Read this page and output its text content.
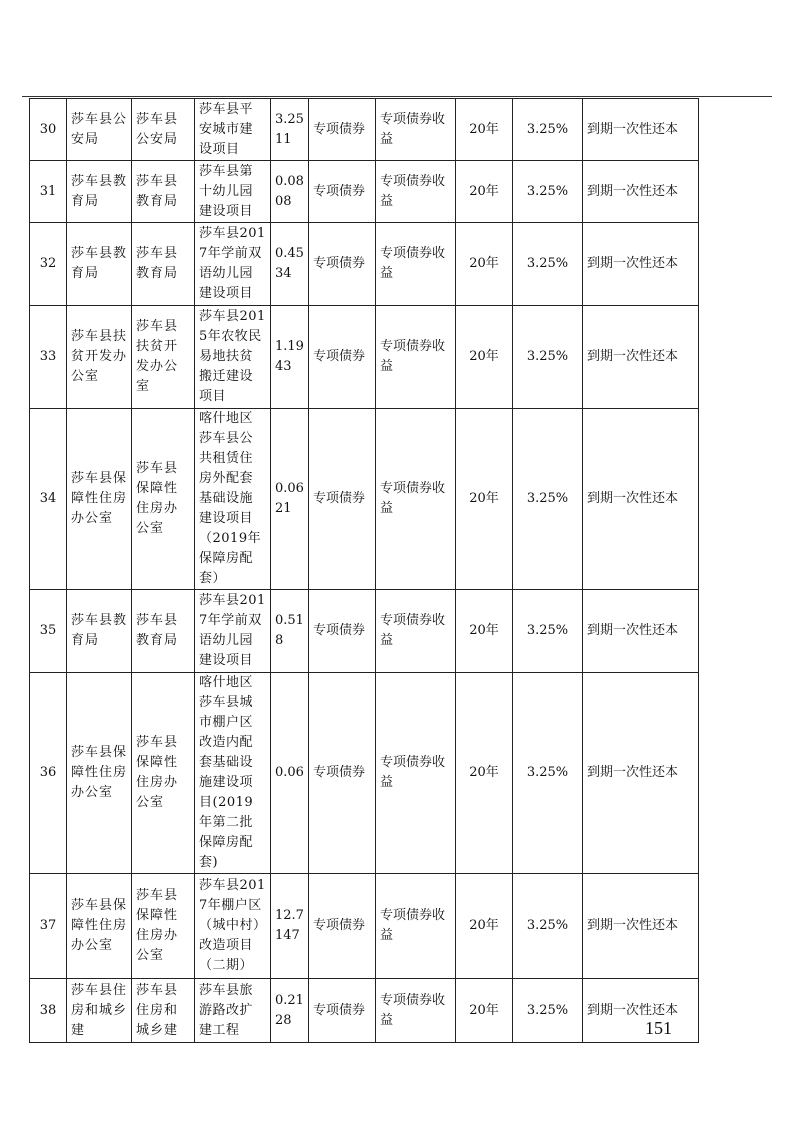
30	莎车县公安局	莎车县公安局	莎车县平安城市建设项目	3.2511	专项债券	专项债券收益	20年	3.25%	到期一次性还本
31	莎车县教育局	莎车县教育局	莎车县第十幼儿园建设项目	0.0808	专项债券	专项债券收益	20年	3.25%	到期一次性还本
32	莎车县教育局	莎车县教育局	莎车县2017年学前双语幼儿园建设项目	0.4534	专项债券	专项债券收益	20年	3.25%	到期一次性还本
33	莎车县扶贫开发办公室	莎车县扶贫开发办公室	莎车县2015年农牧民易地扶贫搬迁建设项目	1.1943	专项债券	专项债券收益	20年	3.25%	到期一次性还本
34	莎车县保障性住房办公室	莎车县保障性住房办公室	喀什地区莎车县公共租赁住房外配套基础设施建设项目（2019年保障房配套）	0.0621	专项债券	专项债券收益	20年	3.25%	到期一次性还本
35	莎车县教育局	莎车县教育局	莎车县2017年学前双语幼儿园建设项目	0.518	专项债券	专项债券收益	20年	3.25%	到期一次性还本
36	莎车县保障性住房办公室	莎车县保障性住房办公室	喀什地区莎车县城市棚户区改造内配套基础设施建设项目(2019年第二批保障房配套)	0.06	专项债券	专项债券收益	20年	3.25%	到期一次性还本
37	莎车县保障性住房办公室	莎车县保障性住房办公室	莎车县2017年棚户区（城中村）改造项目（二期）	12.7147	专项债券	专项债券收益	20年	3.25%	到期一次性还本
38	莎车县住房和城乡建	莎车县住房和城乡建	莎车县旅游路改扩建工程	0.2128	专项债券	专项债券收益	20年	3.25%	到期一次性还本
151
